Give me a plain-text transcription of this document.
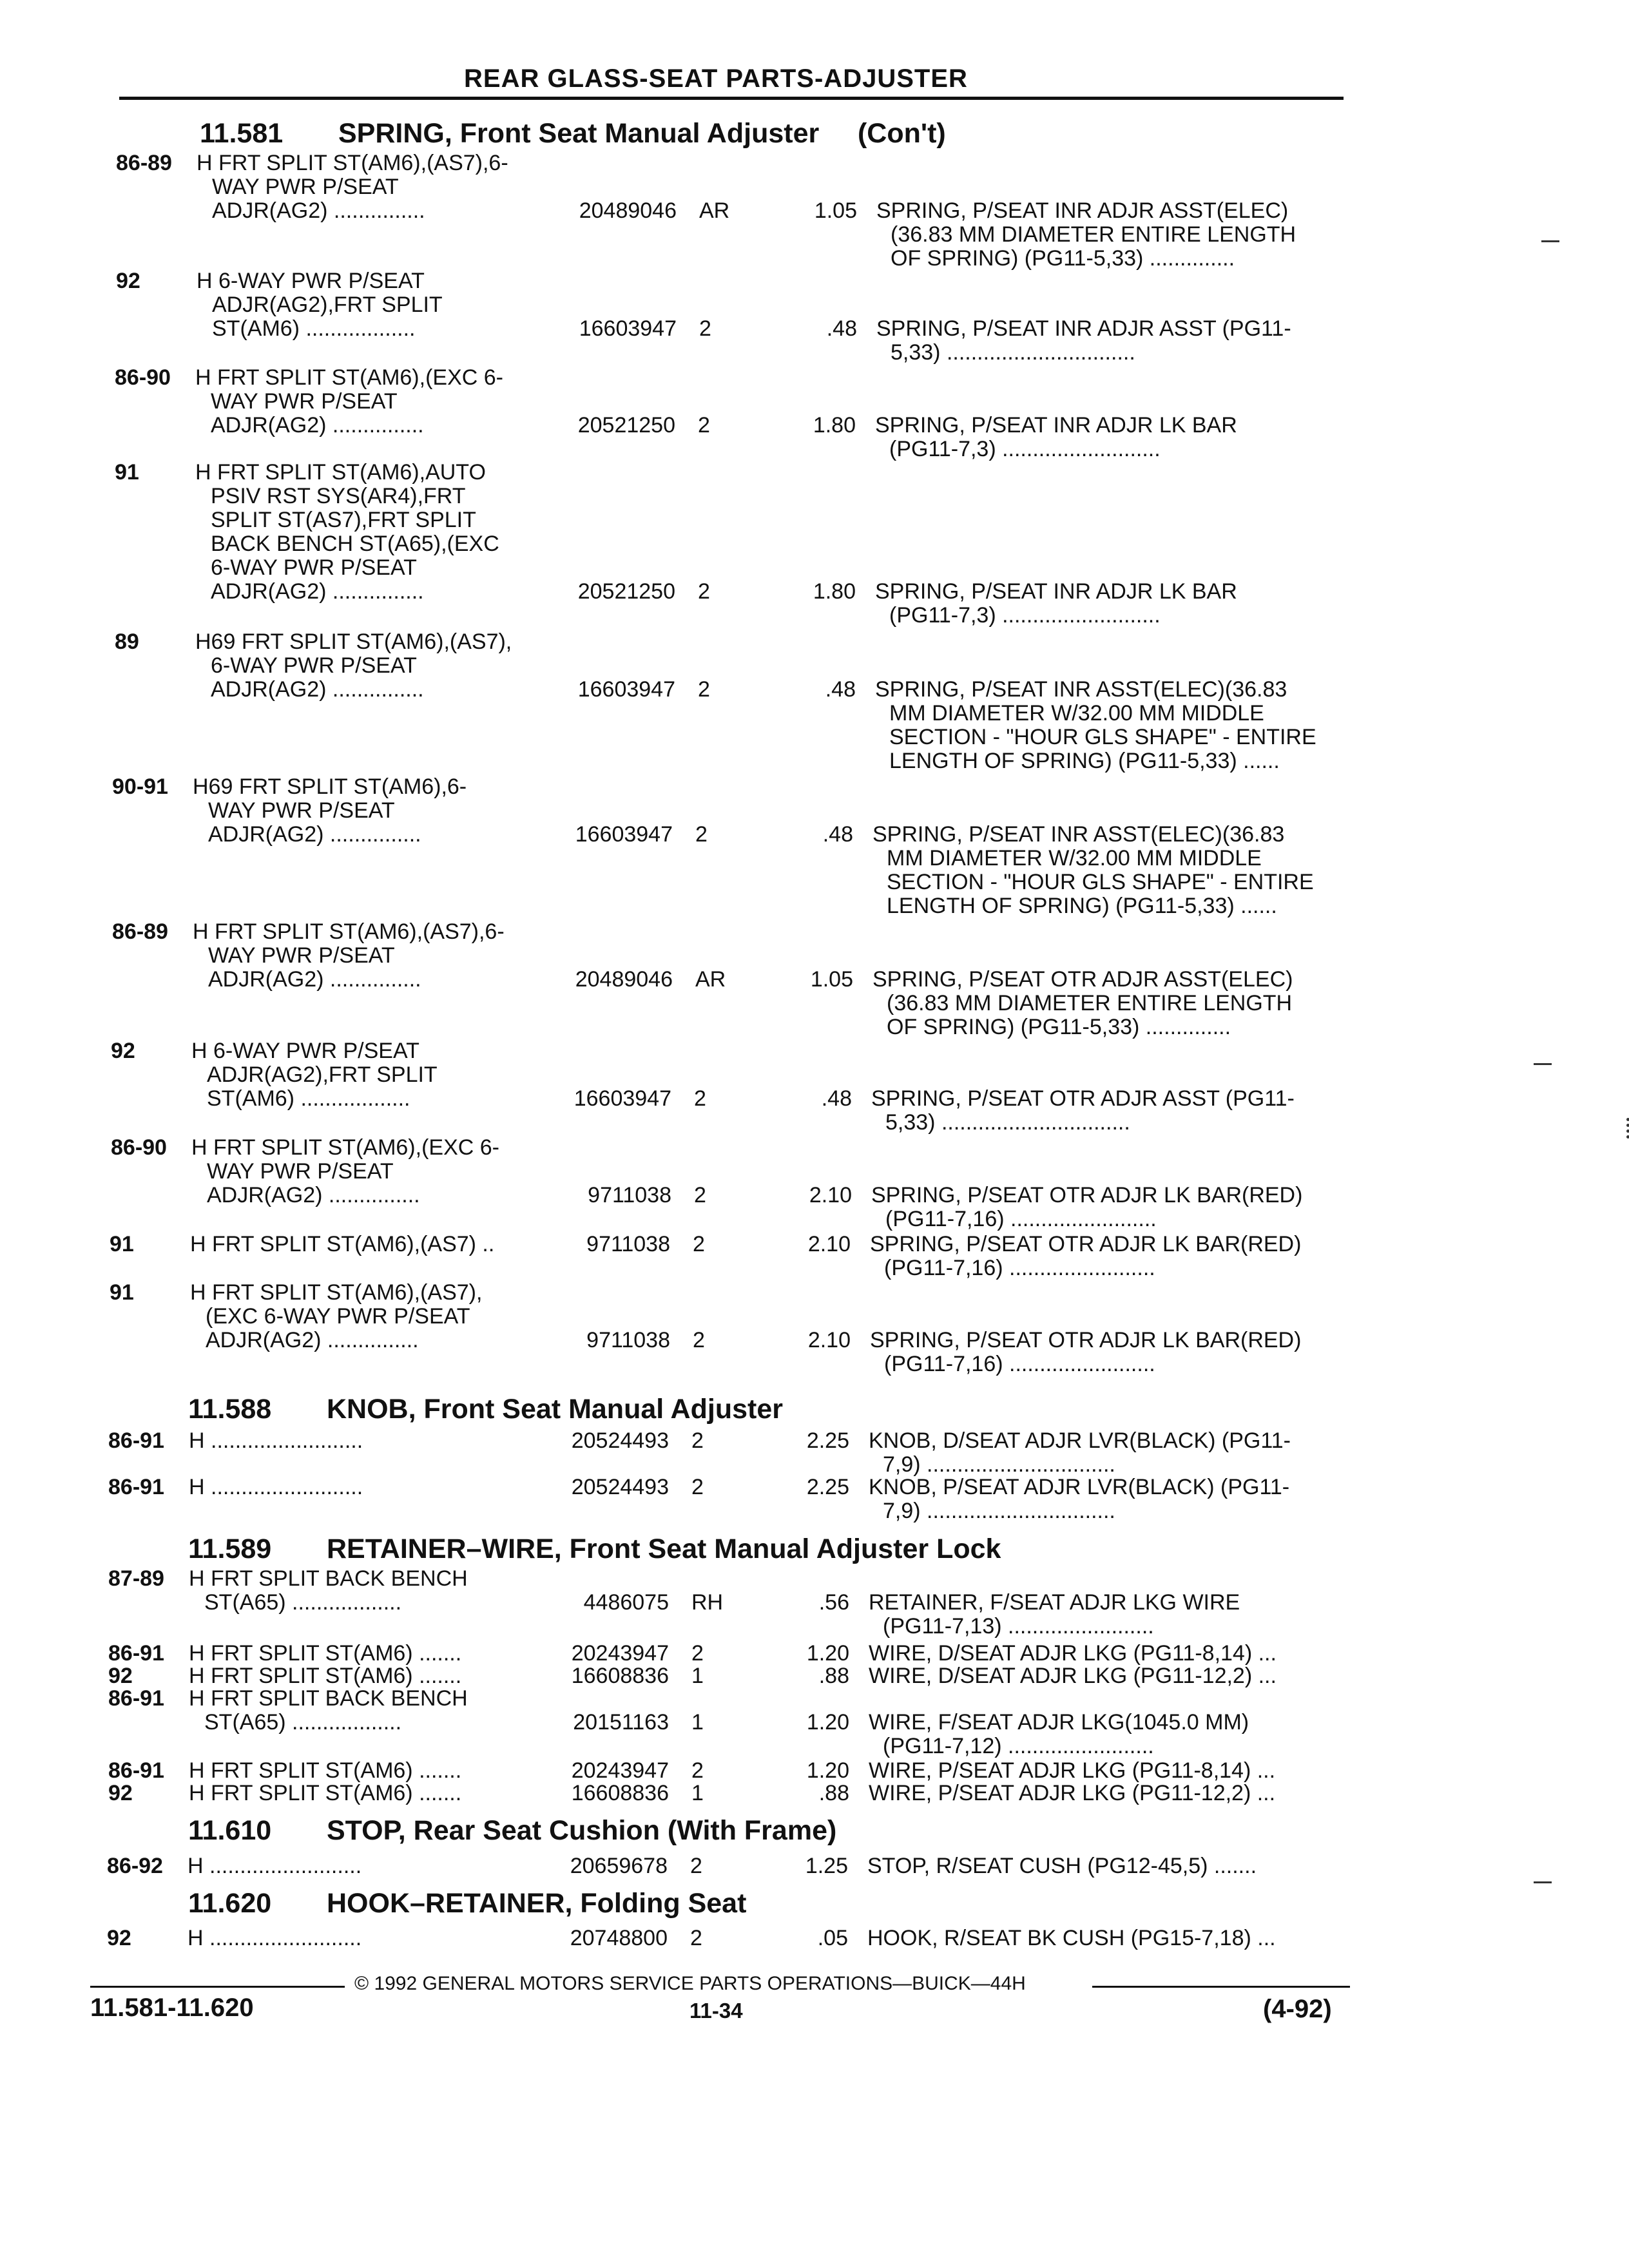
REAR GLASS-SEAT PARTS-ADJUSTER
11.581 SPRING, Front Seat Manual Adjuster     (Con't)
11.588 KNOB, Front Seat Manual Adjuster
11.589 RETAINER–WIRE, Front Seat Manual Adjuster Lock
11.610 STOP, Rear Seat Cushion (With Frame)
11.620 HOOK–RETAINER, Folding Seat
86-89 H FRT SPLIT ST(AM6),(AS7),6-
WAY PWR P/SEAT
ADJR(AG2) ...............	20489046 AR	1.05 SPRING, P/SEAT INR ADJR ASST(ELEC)
(36.83 MM DIAMETER ENTIRE LENGTH
OF SPRING) (PG11-5,33) ..............
92	H 6-WAY PWR P/SEAT
ADJR(AG2),FRT SPLIT
ST(AM6) ..................	16603947 2	.48 SPRING, P/SEAT INR ADJR ASST (PG11-
5,33) ...............................
86-90 H FRT SPLIT ST(AM6),(EXC 6-
WAY PWR P/SEAT
ADJR(AG2) ...............	20521250 2	1.80 SPRING, P/SEAT INR ADJR LK BAR
(PG11-7,3) ..........................
91	H FRT SPLIT ST(AM6),AUTO
PSIV RST SYS(AR4),FRT
SPLIT ST(AS7),FRT SPLIT
BACK BENCH ST(A65),(EXC
6-WAY PWR P/SEAT
ADJR(AG2) ...............	20521250 2	1.80 SPRING, P/SEAT INR ADJR LK BAR
(PG11-7,3) ..........................
89	H69 FRT SPLIT ST(AM6),(AS7),
6-WAY PWR P/SEAT
ADJR(AG2) ...............	16603947 2	.48 SPRING, P/SEAT INR ASST(ELEC)(36.83
MM DIAMETER W/32.00 MM MIDDLE
SECTION - "HOUR GLS SHAPE" - ENTIRE
LENGTH OF SPRING) (PG11-5,33) ......
90-91 H69 FRT SPLIT ST(AM6),6-
WAY PWR P/SEAT
ADJR(AG2) ...............	16603947 2	.48 SPRING, P/SEAT INR ASST(ELEC)(36.83
MM DIAMETER W/32.00 MM MIDDLE
SECTION - "HOUR GLS SHAPE" - ENTIRE
LENGTH OF SPRING) (PG11-5,33) ......
86-89 H FRT SPLIT ST(AM6),(AS7),6-
WAY PWR P/SEAT
ADJR(AG2) ...............	20489046 AR	1.05 SPRING, P/SEAT OTR ADJR ASST(ELEC)
(36.83 MM DIAMETER ENTIRE LENGTH
OF SPRING) (PG11-5,33) ..............
92	H 6-WAY PWR P/SEAT
ADJR(AG2),FRT SPLIT
ST(AM6) ..................	16603947 2	.48 SPRING, P/SEAT OTR ADJR ASST (PG11-
5,33) ...............................
86-90 H FRT SPLIT ST(AM6),(EXC 6-
WAY PWR P/SEAT
ADJR(AG2) ...............	9711038 2	2.10 SPRING, P/SEAT OTR ADJR LK BAR(RED)
(PG11-7,16) ........................
91	H FRT SPLIT ST(AM6),(AS7) ..	9711038 2	2.10 SPRING, P/SEAT OTR ADJR LK BAR(RED)
(PG11-7,16) ........................
91	H FRT SPLIT ST(AM6),(AS7),
(EXC 6-WAY PWR P/SEAT
ADJR(AG2) ...............	9711038 2	2.10 SPRING, P/SEAT OTR ADJR LK BAR(RED)
(PG11-7,16) ........................
86-91 H .........................	20524493 2	2.25 KNOB, D/SEAT ADJR LVR(BLACK) (PG11-
7,9) ...............................
86-91 H .........................	20524493 2	2.25 KNOB, P/SEAT ADJR LVR(BLACK) (PG11-
7,9) ...............................
87-89 H FRT SPLIT BACK BENCH
ST(A65) ..................	4486075 RH	.56 RETAINER, F/SEAT ADJR LKG WIRE
(PG11-7,13) ........................
86-91 H FRT SPLIT ST(AM6) .......	20243947 2	1.20 WIRE, D/SEAT ADJR LKG (PG11-8,14) ...
92	H FRT SPLIT ST(AM6) .......	16608836 1	.88 WIRE, D/SEAT ADJR LKG (PG11-12,2) ...
86-91 H FRT SPLIT BACK BENCH
ST(A65) ..................	20151163 1	1.20 WIRE, F/SEAT ADJR LKG(1045.0 MM)
(PG11-7,12) ........................
86-91 H FRT SPLIT ST(AM6) .......	20243947 2	1.20 WIRE, P/SEAT ADJR LKG (PG11-8,14) ...
92	H FRT SPLIT ST(AM6) .......	16608836 1	.88 WIRE, P/SEAT ADJR LKG (PG11-12,2) ...
86-92 H .........................	20659678 2	1.25 STOP, R/SEAT CUSH (PG12-45,5) .......
92	H .........................	20748800 2	.05 HOOK, R/SEAT BK CUSH (PG15-7,18) ...
© 1992 GENERAL MOTORS SERVICE PARTS OPERATIONS—BUICK—44H
11.581-11.620	11-34	(4-92)
